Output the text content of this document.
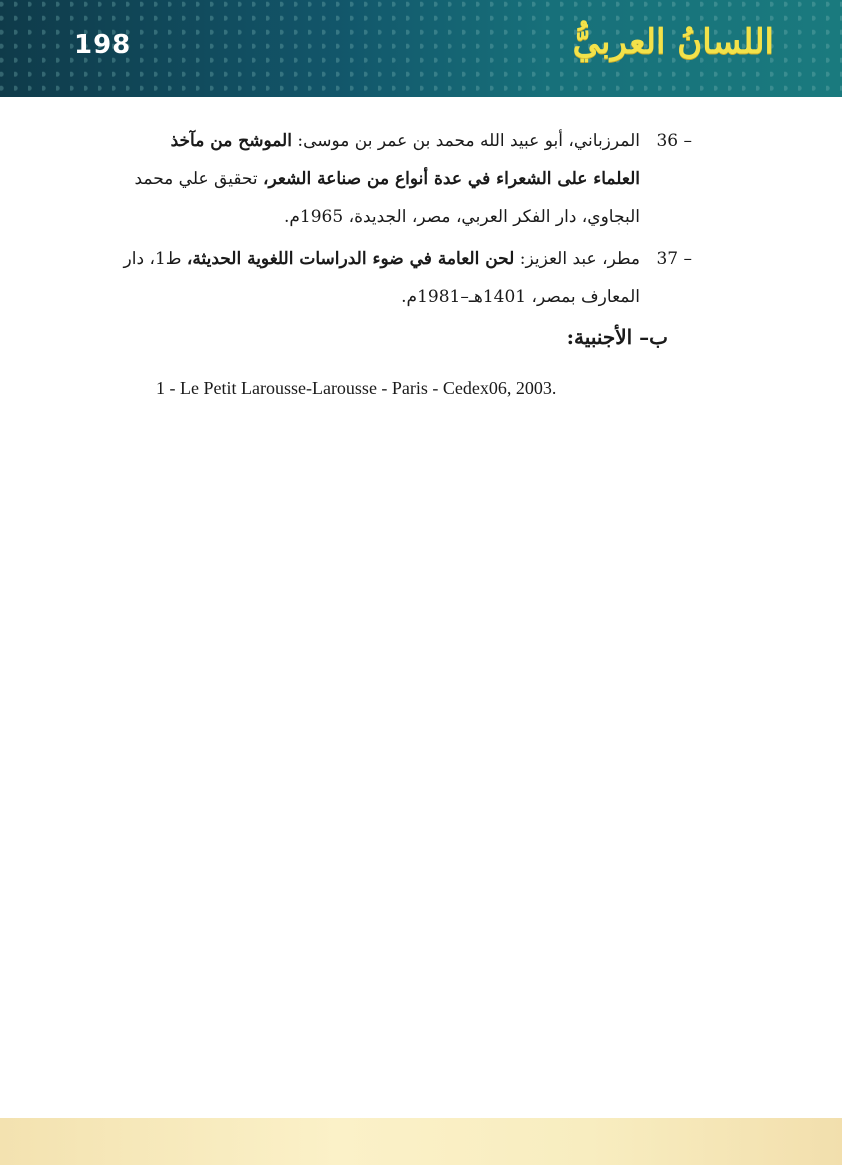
198	اللسانُ العربيُّ
36 –
المرزباني، أبو عبيد الله محمد بن عمر بن موسى: الموشح من مآخذ العلماء على الشعراء في عدة أنواع من صناعة الشعر، تحقيق علي محمد البجاوي، دار الفكر العربي، مصر، الجديدة، 1965م.
37 –
مطر، عبد العزيز: لحن العامة في ضوء الدراسات اللغوية الحديثة، ط1، دار المعارف بمصر، 1401هـ–1981م.
ب– الأجنبية:
1 - Le Petit Larousse-Larousse - Paris - Cedex06, 2003.
